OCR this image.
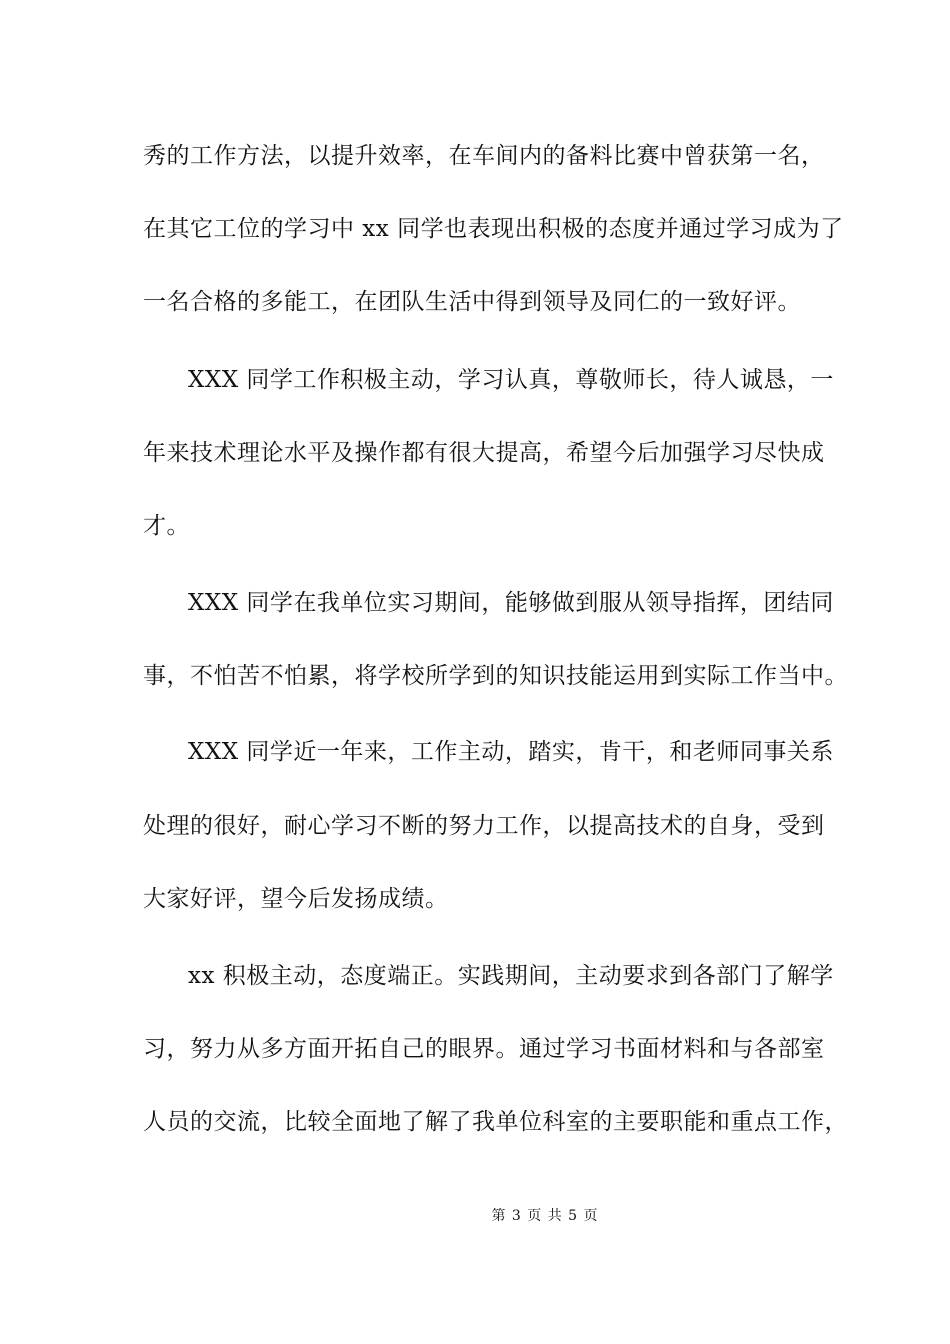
秀的工作方法，以提升效率，在车间内的备料比赛中曾获第一名，
在其它工位的学习中 xx 同学也表现出积极的态度并通过学习成为了
一名合格的多能工，在团队生活中得到领导及同仁的一致好评。
XXX 同学工作积极主动，学习认真，尊敬师长，待人诚恳，一
年来技术理论水平及操作都有很大提高，希望今后加强学习尽快成
才。
XXX 同学在我单位实习期间，能够做到服从领导指挥，团结同
事，不怕苦不怕累，将学校所学到的知识技能运用到实际工作当中。
XXX 同学近一年来，工作主动，踏实，肯干，和老师同事关系
处理的很好，耐心学习不断的努力工作，以提高技术的自身，受到
大家好评，望今后发扬成绩。
xx 积极主动，态度端正。实践期间，主动要求到各部门了解学
习，努力从多方面开拓自己的眼界。通过学习书面材料和与各部室
人员的交流，比较全面地了解了我单位科室的主要职能和重点工作，
第 3 页 共 5 页
